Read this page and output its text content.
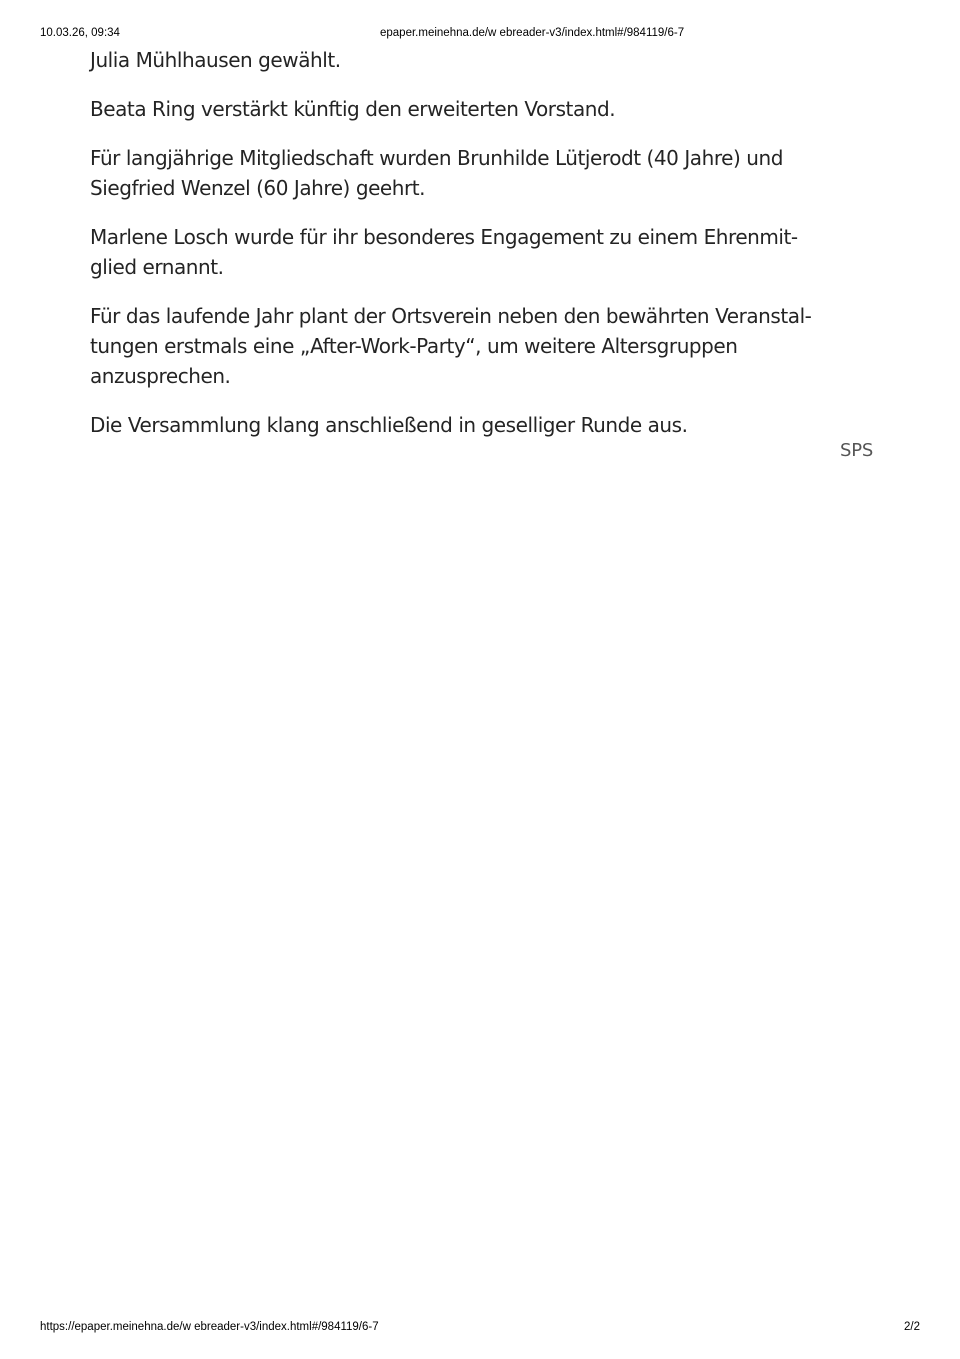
10.03.26, 09:34	epaper.meinehna.de/w ebreader-v3/index.html#/984119/6-7

Julia Mühlhausen gewählt.

Beata Ring verstärkt künftig den erweiterten Vorstand.

Für langjährige Mitgliedschaft wurden Brunhilde Lütjerodt (40 Jahre) und
Siegfried Wenzel (60 Jahre) geehrt.

Marlene Losch wurde für ihr besonderes Engagement zu einem Ehrenmit-
glied ernannt.

Für das laufende Jahr plant der Ortsverein neben den bewährten Veranstal-
tungen erstmals eine „After-Work-Party“, um weitere Altersgruppen
anzusprechen.

Die Versammlung klang anschließend in geselliger Runde aus.

SPS
https://epaper.meinehna.de/w ebreader-v3/index.html#/984119/6-7	2/2
